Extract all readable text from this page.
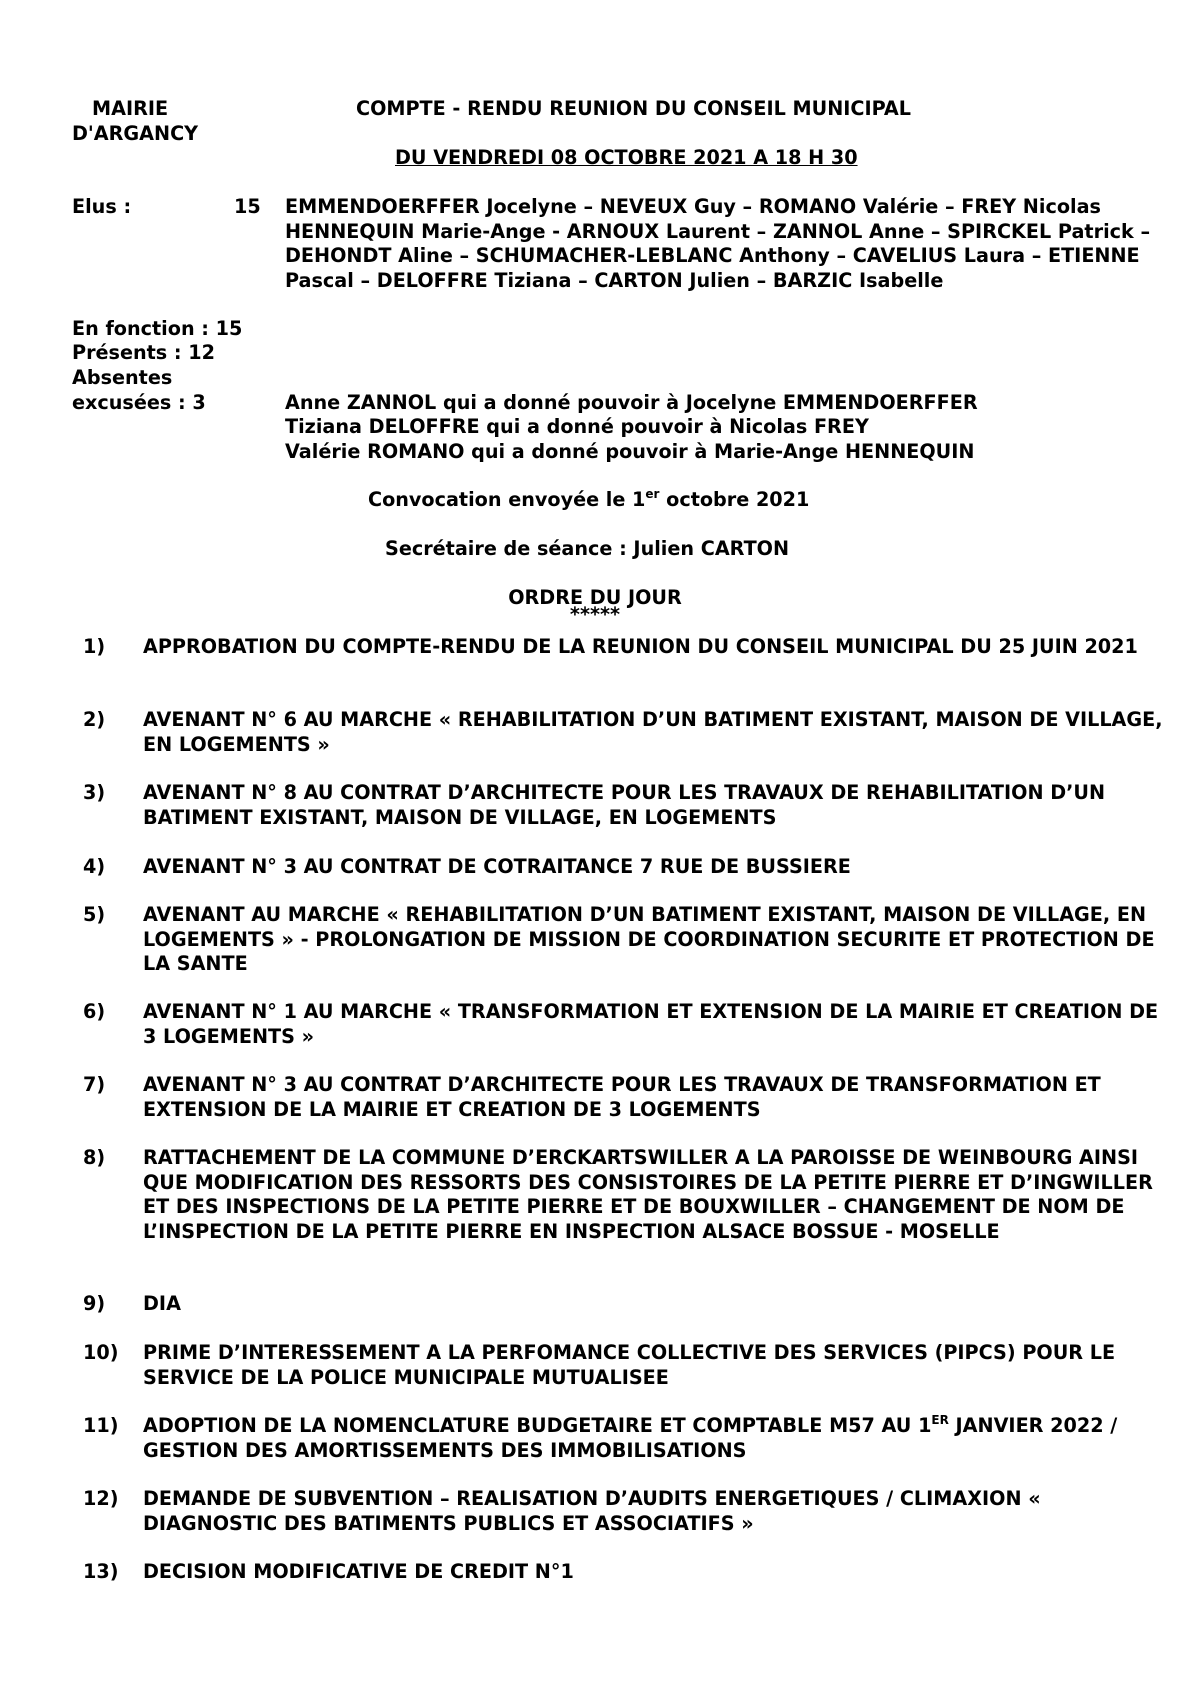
MAIRIE
D'ARGANCY
COMPTE - RENDU REUNION DU CONSEIL MUNICIPAL
DU VENDREDI 08 OCTOBRE 2021 A 18 H 30
Elus :	15 EMMENDOERFFER Jocelyne – NEVEUX Guy – ROMANO Valérie – FREY Nicolas HENNEQUIN Marie-Ange - ARNOUX Laurent – ZANNOL Anne – SPIRCKEL Patrick – DEHONDT Aline – SCHUMACHER-LEBLANC Anthony – CAVELIUS Laura – ETIENNE Pascal – DELOFFRE Tiziana – CARTON Julien – BARZIC Isabelle
En fonction : 15
Présents : 12
Absentes
excusées : 3	Anne ZANNOL qui a donné pouvoir à Jocelyne EMMENDOERFFER
Tiziana DELOFFRE qui a donné pouvoir à Nicolas FREY
Valérie ROMANO qui a donné pouvoir à Marie-Ange HENNEQUIN
Convocation envoyée le 1er octobre 2021
Secrétaire de séance : Julien CARTON
ORDRE DU JOUR
*****
1)	APPROBATION DU COMPTE-RENDU DE LA REUNION DU CONSEIL MUNICIPAL DU 25 JUIN 2021
2)	AVENANT N° 6 AU MARCHE « REHABILITATION D’UN BATIMENT EXISTANT, MAISON DE VILLAGE, EN LOGEMENTS »
3)	AVENANT N° 8 AU CONTRAT D’ARCHITECTE POUR LES TRAVAUX DE REHABILITATION D’UN BATIMENT EXISTANT, MAISON DE VILLAGE, EN LOGEMENTS
4)	AVENANT N° 3 AU CONTRAT DE COTRAITANCE 7 RUE DE BUSSIERE
5)	AVENANT AU MARCHE « REHABILITATION D’UN BATIMENT EXISTANT, MAISON DE VILLAGE, EN LOGEMENTS » - PROLONGATION DE MISSION DE COORDINATION SECURITE ET PROTECTION DE LA SANTE
6)	AVENANT N° 1 AU MARCHE « TRANSFORMATION ET EXTENSION DE LA MAIRIE ET CREATION DE 3 LOGEMENTS »
7)	AVENANT N° 3 AU CONTRAT D’ARCHITECTE POUR LES TRAVAUX DE TRANSFORMATION ET EXTENSION DE LA MAIRIE ET CREATION DE 3 LOGEMENTS
8)	RATTACHEMENT DE LA COMMUNE D’ERCKARTSWILLER A LA PAROISSE DE WEINBOURG AINSI QUE MODIFICATION DES RESSORTS DES CONSISTOIRES DE LA PETITE PIERRE ET D’INGWILLER ET DES INSPECTIONS DE LA PETITE PIERRE ET DE BOUXWILLER – CHANGEMENT DE NOM DE L’INSPECTION DE LA PETITE PIERRE EN INSPECTION ALSACE BOSSUE - MOSELLE
9)	DIA
10)	PRIME D’INTERESSEMENT A LA PERFOMANCE COLLECTIVE DES SERVICES (PIPCS) POUR LE SERVICE DE LA POLICE MUNICIPALE MUTUALISEE
11)	ADOPTION DE LA NOMENCLATURE BUDGETAIRE ET COMPTABLE M57 AU 1ER JANVIER 2022 / GESTION DES AMORTISSEMENTS DES IMMOBILISATIONS
12)	DEMANDE DE SUBVENTION – REALISATION D’AUDITS ENERGETIQUES / CLIMAXION « DIAGNOSTIC DES BATIMENTS PUBLICS ET ASSOCIATIFS »
13)	DECISION MODIFICATIVE DE CREDIT N°1
